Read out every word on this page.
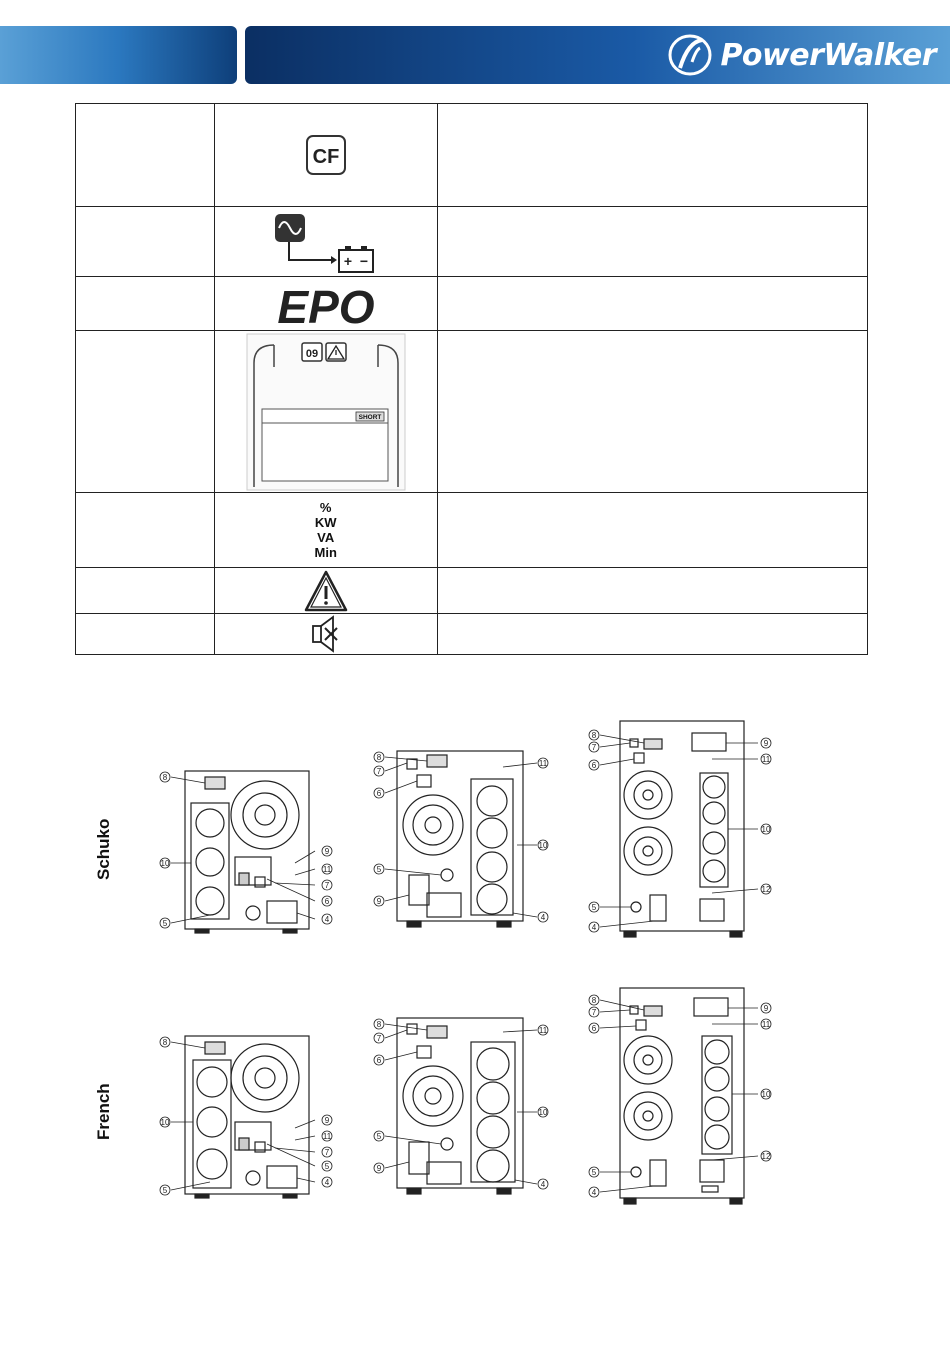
PowerWalker

CF	

+ −	

EPO	

09
SHORT	

	%
KW
VA
Min	

Schuko
French
8
10
5
9
11
7
6
4
8
7
6
5
9
11
10
4
8
7
6
5
4
9
11
10
12
8
10
5
9
11
7
5
4
8
7
6
5
9
11
10
4
8
7
6
5
4
9
11
10
12
